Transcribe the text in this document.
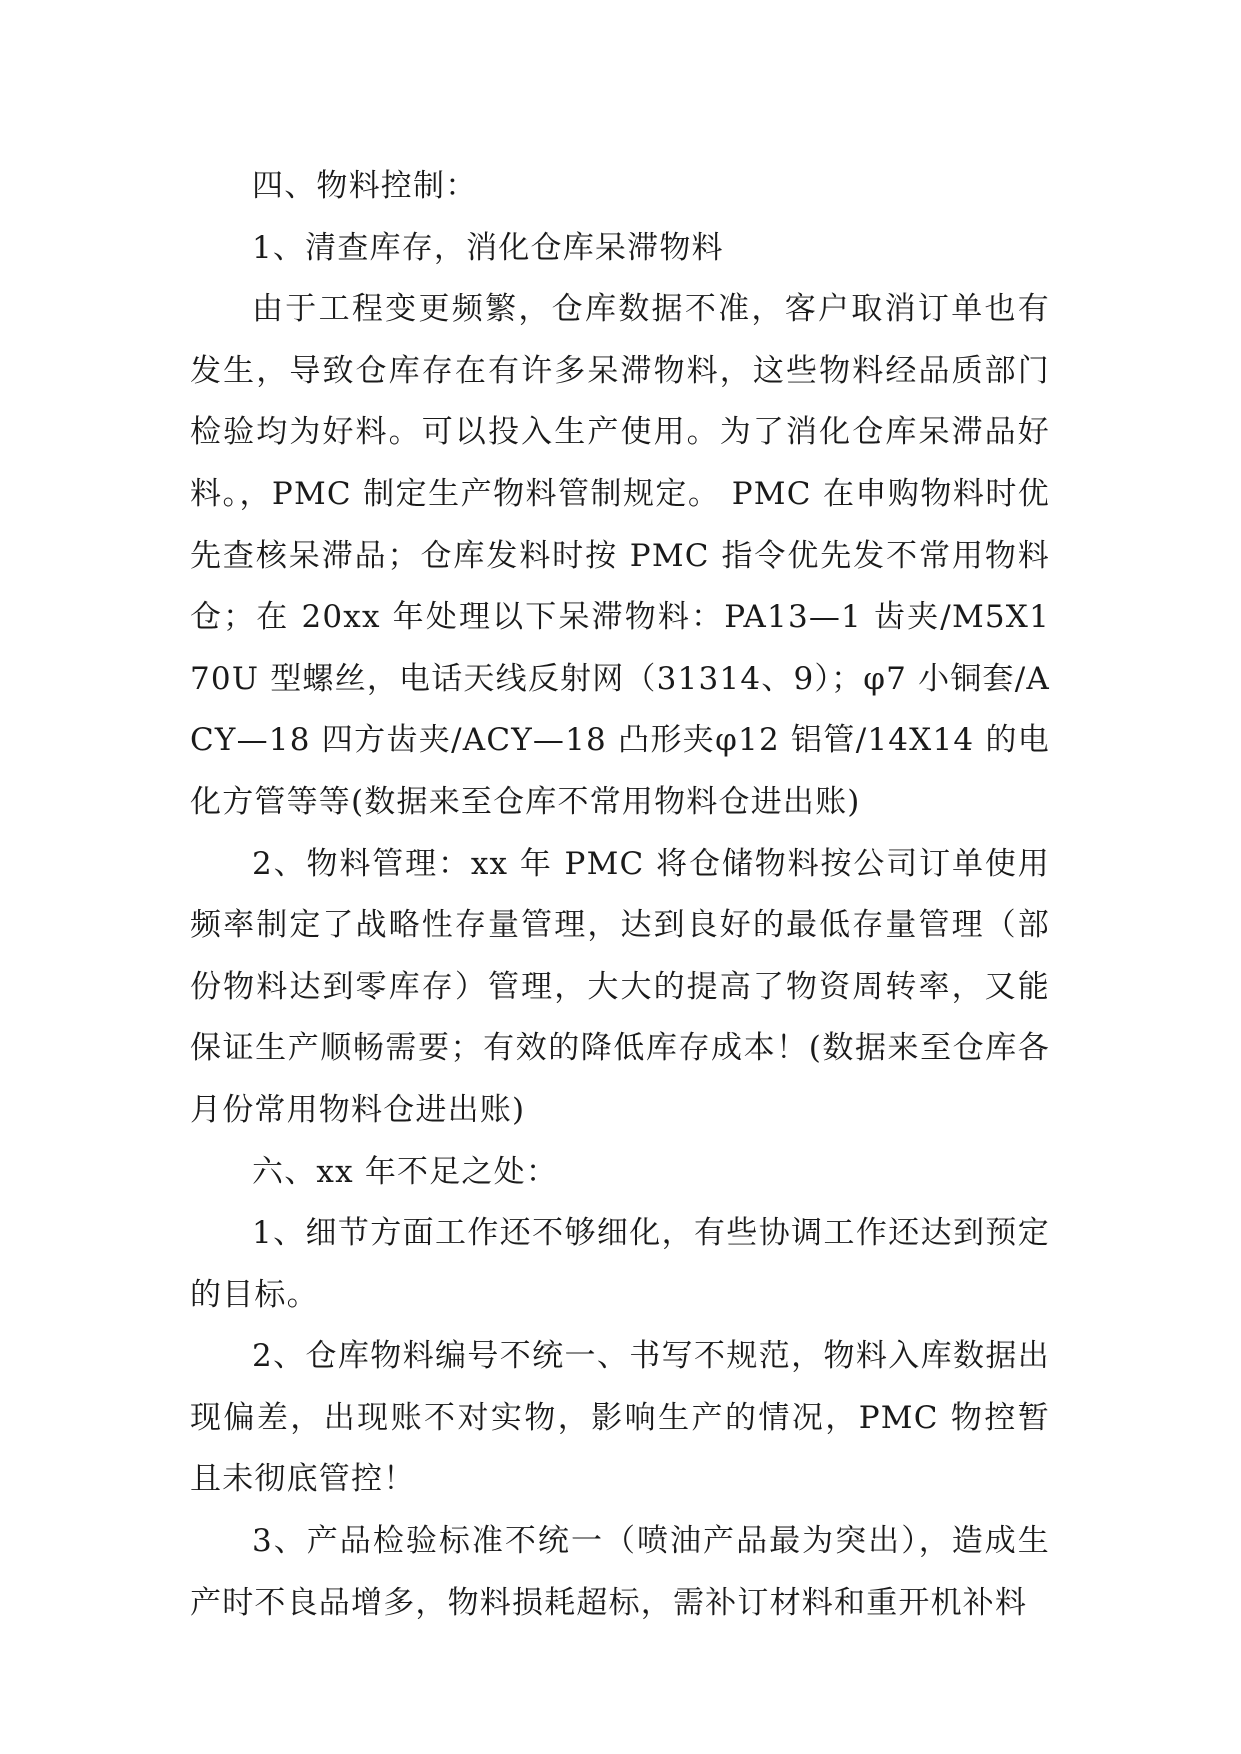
四、物料控制：

1、清查库存，消化仓库呆滞物料

由于工程变更频繁，仓库数据不准，客户取消订单也有发生，导致仓库存在有许多呆滞物料，这些物料经品质部门检验均为好料。可以投入生产使用。为了消化仓库呆滞品好料。，PMC 制定生产物料管制规定。 PMC 在申购物料时优先查核呆滞品；仓库发料时按 PMC 指令优先发不常用物料仓；在 20xx 年处理以下呆滞物料：PA13—1 齿夹/M5X170U 型螺丝，电话天线反射网（31314、9）；φ7 小铜套/ACY—18 四方齿夹/ACY—18 凸形夹φ12 铝管/14X14 的电化方管等等(数据来至仓库不常用物料仓进出账)

2、物料管理：xx 年 PMC 将仓储物料按公司订单使用频率制定了战略性存量管理，达到良好的最低存量管理（部份物料达到零库存）管理，大大的提高了物资周转率，又能保证生产顺畅需要；有效的降低库存成本！(数据来至仓库各月份常用物料仓进出账)

六、xx 年不足之处：

1、细节方面工作还不够细化，有些协调工作还达到预定的目标。

2、仓库物料编号不统一、书写不规范，物料入库数据出现偏差，出现账不对实物，影响生产的情况，PMC 物控暂且未彻底管控！

3、产品检验标准不统一（喷油产品最为突出），造成生产时不良品增多，物料损耗超标，需补订材料和重开机补料
